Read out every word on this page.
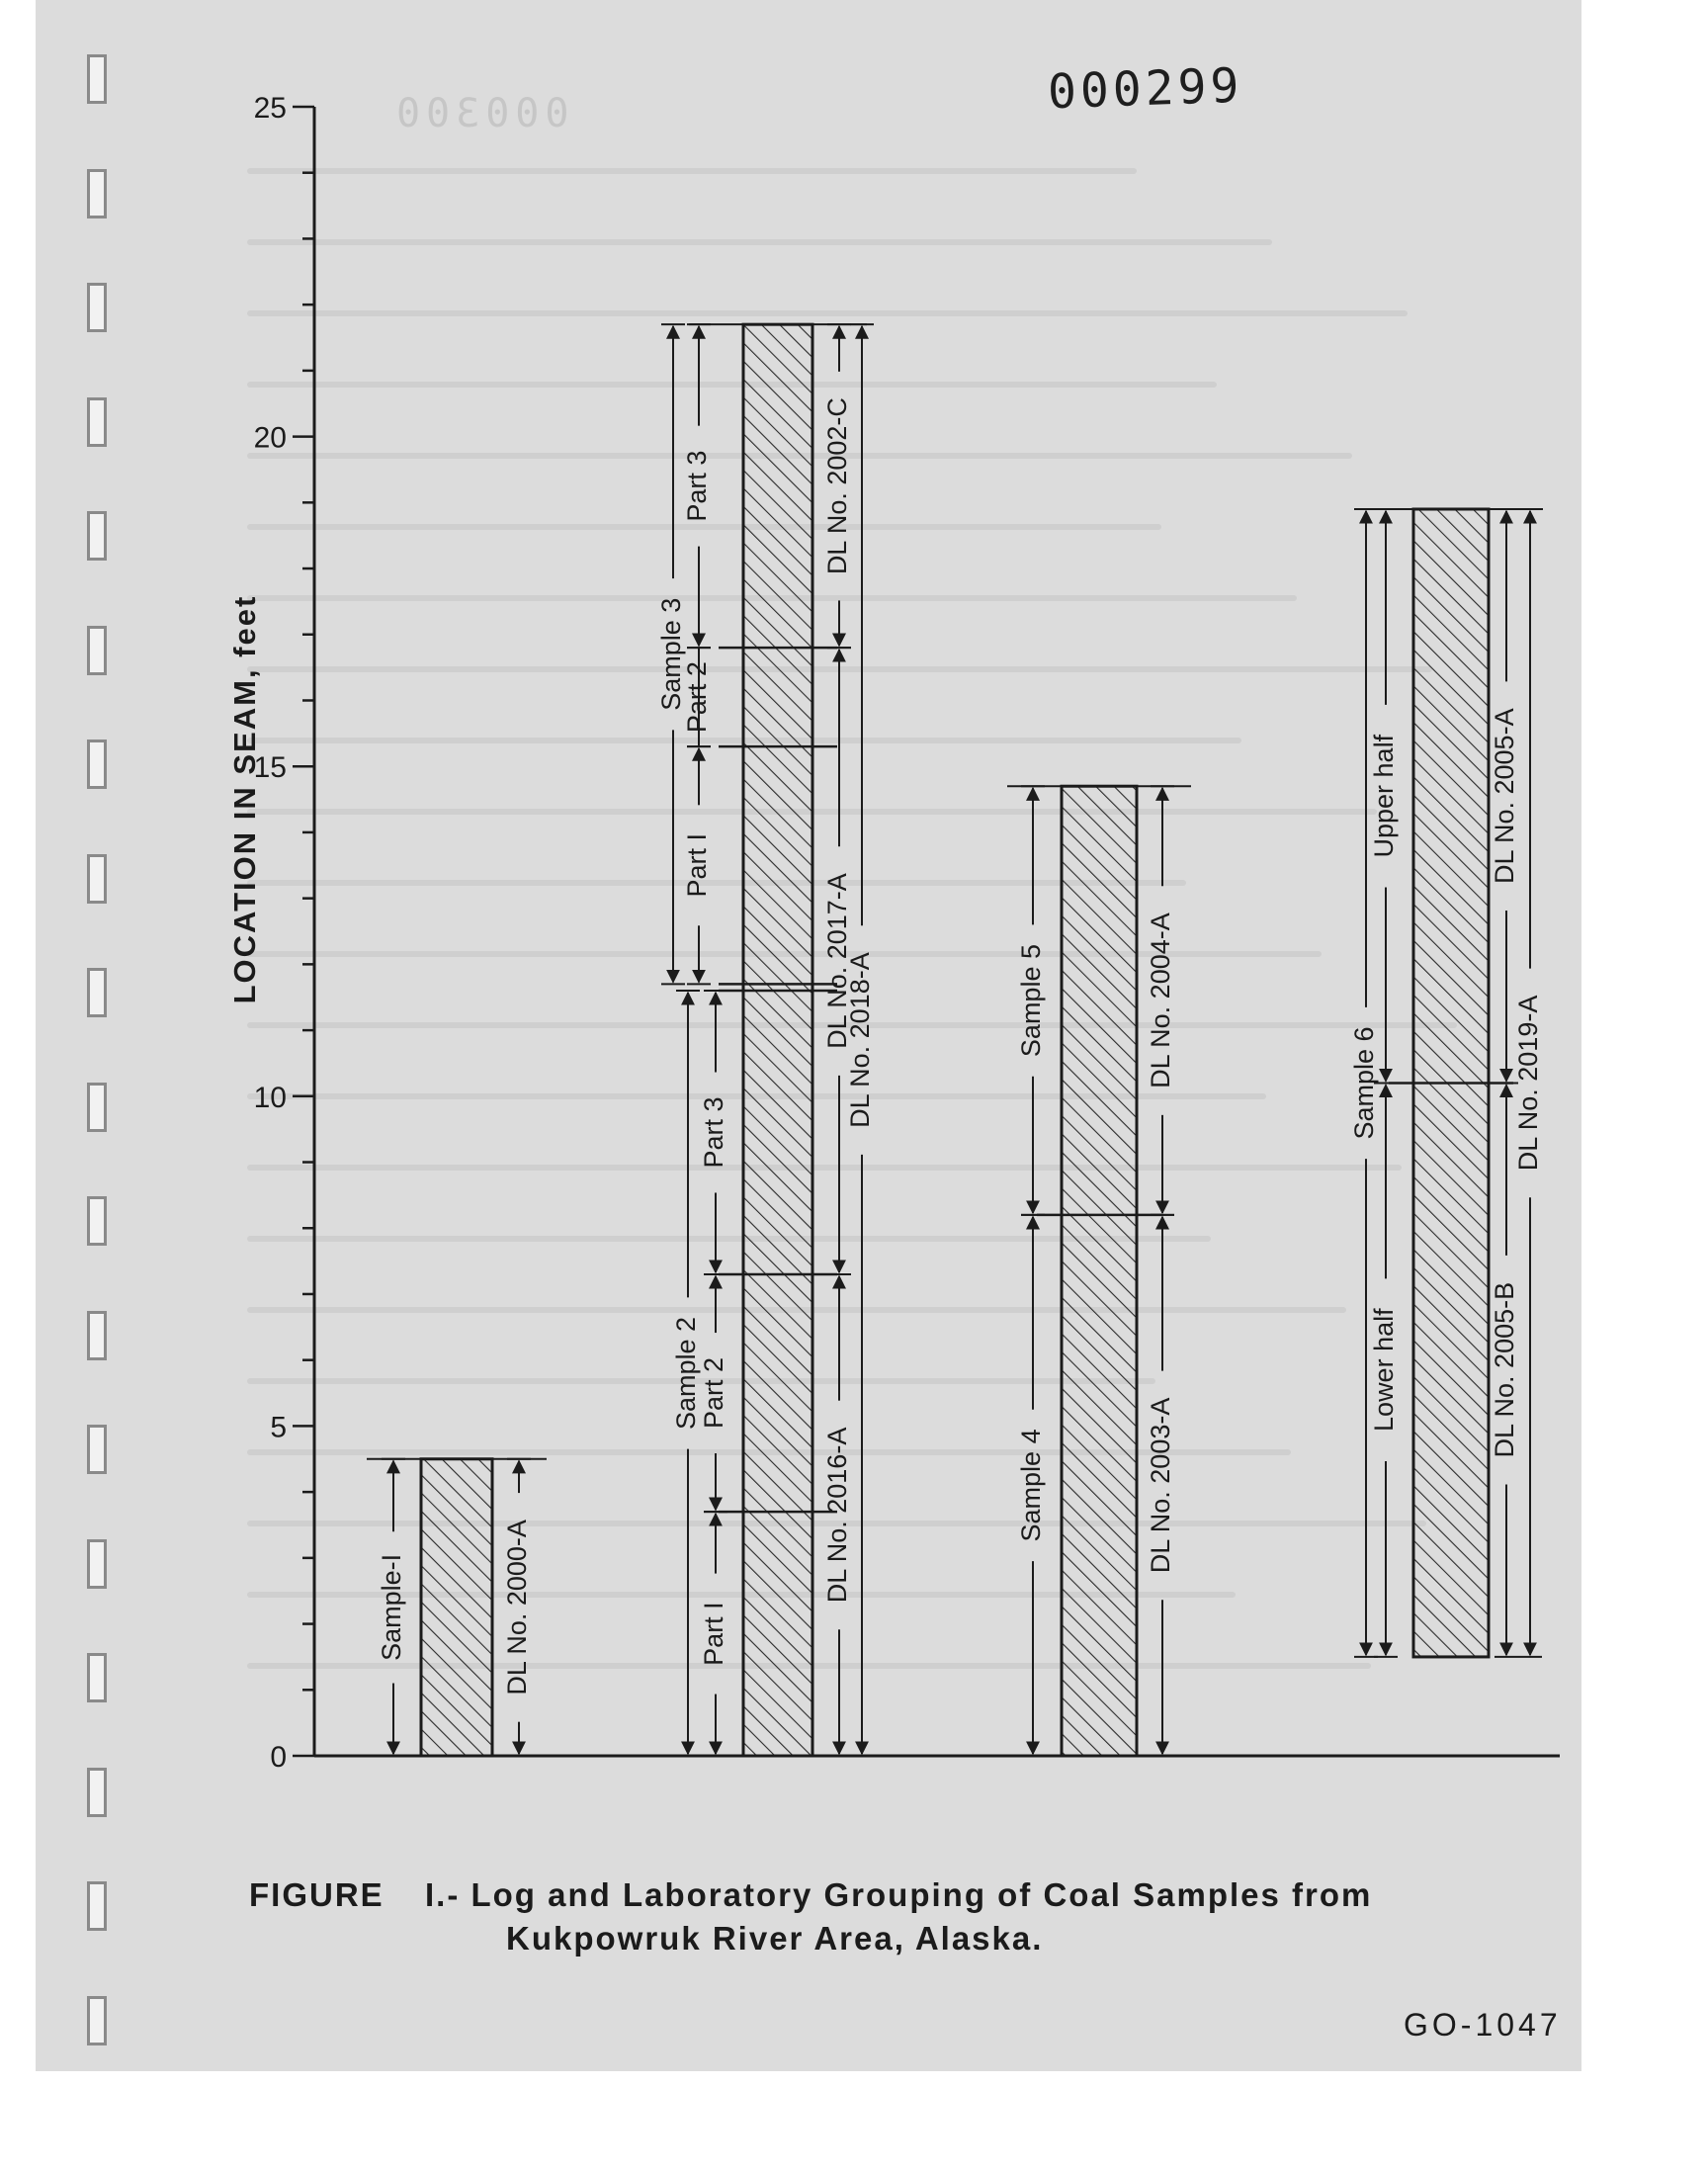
000300	000299
0
5
10
15
20
25
LOCATION IN SEAM, feet
Sample-I	DL No. 2000-A
Sample 2
Part I
Part 2
Part 3
Sample 3
Part I
Part 2
Part 3
DL No. 2016-A
DL No. 2018-A
DL No. 2017-A
DL No. 2002-C
Sample 4
Sample 5
DL No. 2003-A
DL No. 2004-A	Sample 6
Lower half
Upper half
DL No. 2005-B
DL No. 2005-A
DL No. 2019-A
FIGURE I.- Log and Laboratory Grouping of Coal Samples from
Kukpowruk River Area, Alaska.
GO-1047
